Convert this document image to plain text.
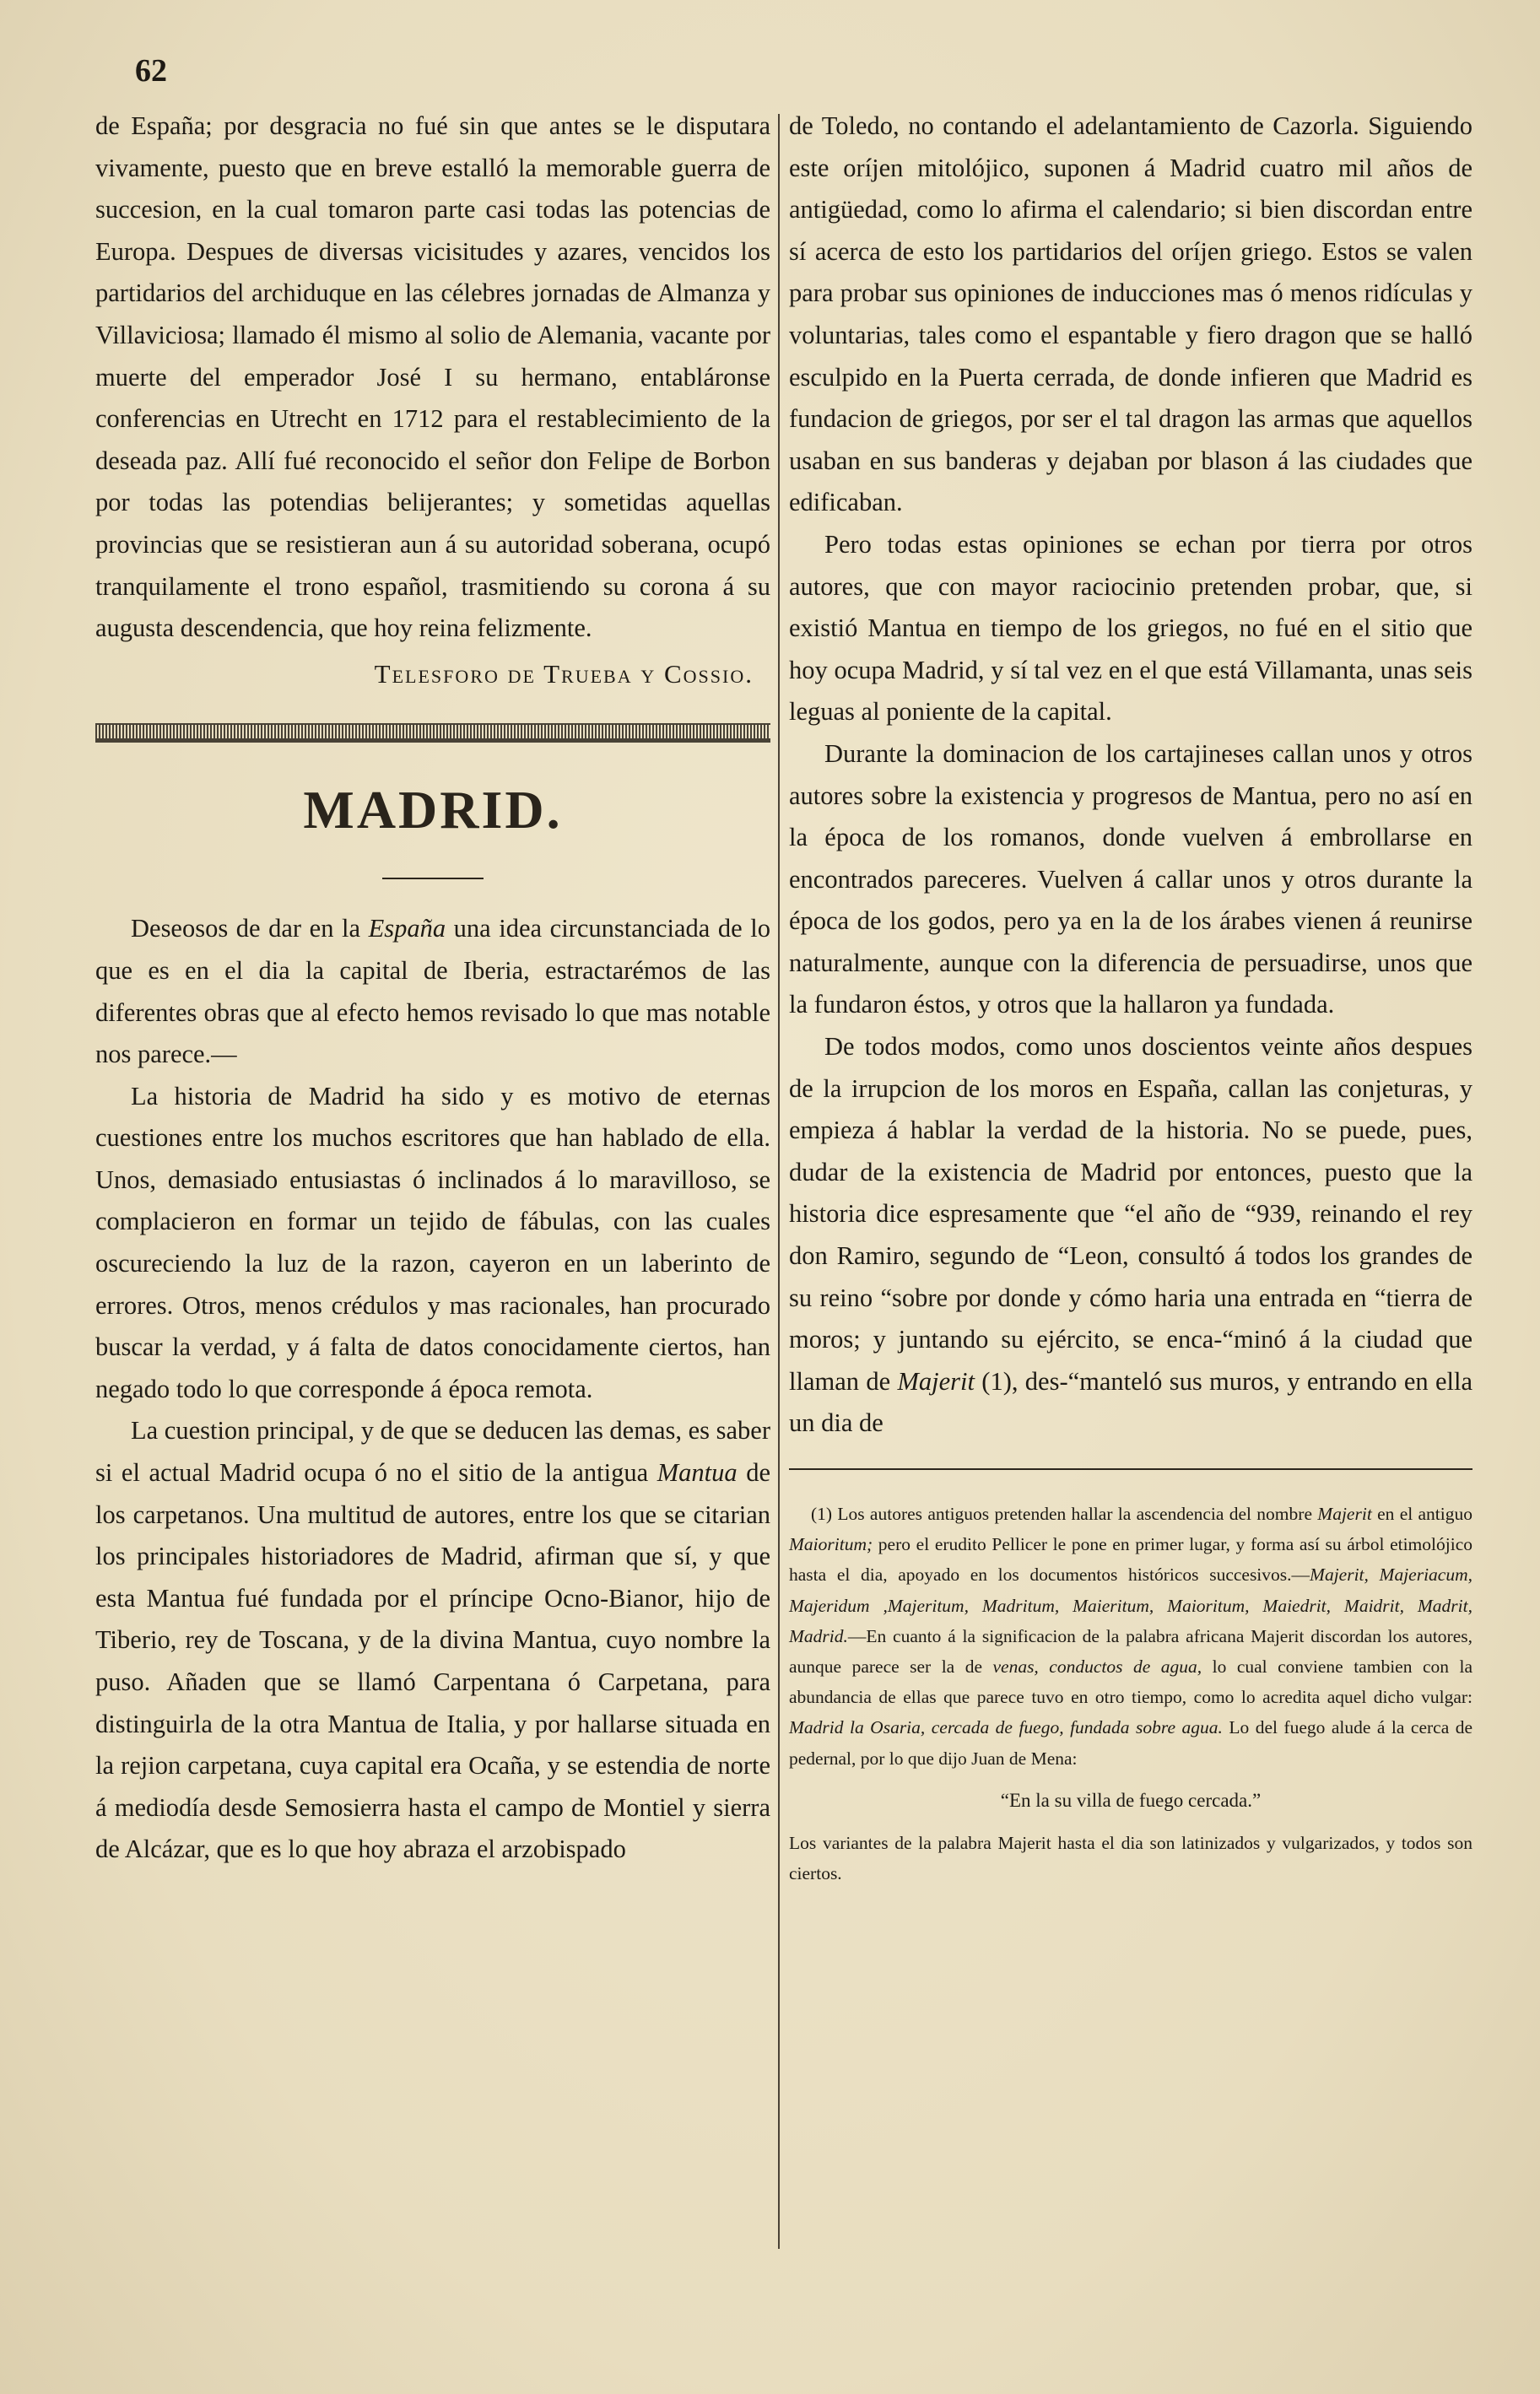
62

de España; por desgracia no fué sin que antes se le disputara vivamente, puesto que en breve estalló la memorable guerra de succesion, en la cual tomaron parte casi todas las potencias de Europa. Despues de diversas vicisitudes y azares, vencidos los partidarios del archiduque en las célebres jornadas de Almanza y Villaviciosa; llamado él mismo al solio de Alemania, vacante por muerte del emperador José I su hermano, entabláronse conferencias en Utrecht en 1712 para el restablecimiento de la deseada paz. Allí fué reconocido el señor don Felipe de Borbon por todas las potendias belijerantes; y sometidas aquellas provincias que se resistieran aun á su autoridad soberana, ocupó tranquilamente el trono español, trasmitiendo su corona á su augusta descendencia, que hoy reina felizmente.

Telesforo de Trueba y Cossio.

MADRID.

Deseosos de dar en la España una idea circunstanciada de lo que es en el dia la capital de Iberia, estractarémos de las diferentes obras que al efecto hemos revisado lo que mas notable nos parece.—

La historia de Madrid ha sido y es motivo de eternas cuestiones entre los muchos escritores que han hablado de ella. Unos, demasiado entusiastas ó inclinados á lo maravilloso, se complacieron en formar un tejido de fábulas, con las cuales oscureciendo la luz de la razon, cayeron en un laberinto de errores. Otros, menos crédulos y mas racionales, han procurado buscar la verdad, y á falta de datos conocidamente ciertos, han negado todo lo que corresponde á época remota.

La cuestion principal, y de que se deducen las demas, es saber si el actual Madrid ocupa ó no el sitio de la antigua Mantua de los carpetanos. Una multitud de autores, entre los que se citarian los principales historiadores de Madrid, afirman que sí, y que esta Mantua fué fundada por el príncipe Ocno-Bianor, hijo de Tiberio, rey de Toscana, y de la divina Mantua, cuyo nombre la puso. Añaden que se llamó Carpentana ó Carpetana, para distinguirla de la otra Mantua de Italia, y por hallarse situada en la rejion carpetana, cuya capital era Ocaña, y se estendia de norte á mediodía desde Semosierra hasta el campo de Montiel y sierra de Alcázar, que es lo que hoy abraza el arzobispado

de Toledo, no contando el adelantamiento de Cazorla. Siguiendo este oríjen mitolójico, suponen á Madrid cuatro mil años de antigüedad, como lo afirma el calendario; si bien discordan entre sí acerca de esto los partidarios del oríjen griego. Estos se valen para probar sus opiniones de inducciones mas ó menos ridículas y voluntarias, tales como el espantable y fiero dragon que se halló esculpido en la Puerta cerrada, de donde infieren que Madrid es fundacion de griegos, por ser el tal dragon las armas que aquellos usaban en sus banderas y dejaban por blason á las ciudades que edificaban.

Pero todas estas opiniones se echan por tierra por otros autores, que con mayor raciocinio pretenden probar, que, si existió Mantua en tiempo de los griegos, no fué en el sitio que hoy ocupa Madrid, y sí tal vez en el que está Villamanta, unas seis leguas al poniente de la capital.

Durante la dominacion de los cartajineses callan unos y otros autores sobre la existencia y progresos de Mantua, pero no así en la época de los romanos, donde vuelven á embrollarse en encontrados pareceres. Vuelven á callar unos y otros durante la época de los godos, pero ya en la de los árabes vienen á reunirse naturalmente, aunque con la diferencia de persuadirse, unos que la fundaron éstos, y otros que la hallaron ya fundada.

De todos modos, como unos doscientos veinte años despues de la irrupcion de los moros en España, callan las conjeturas, y empieza á hablar la verdad de la historia. No se puede, pues, dudar de la existencia de Madrid por entonces, puesto que la historia dice espresamente que “el año de “939, reinando el rey don Ramiro, segundo de “Leon, consultó á todos los grandes de su reino “sobre por donde y cómo haria una entrada en “tierra de moros; y juntando su ejército, se enca-“minó á la ciudad que llaman de Majerit (1), des-“manteló sus muros, y entrando en ella un dia de

(1) Los autores antiguos pretenden hallar la ascendencia del nombre Majerit en el antiguo Maioritum; pero el erudito Pellicer le pone en primer lugar, y forma así su árbol etimolójico hasta el dia, apoyado en los documentos históricos succesivos.—Majerit, Majeriacum, Majeridum ,Majeritum, Madritum, Maieritum, Maioritum, Maiedrit, Maidrit, Madrit, Madrid.—En cuanto á la significacion de la palabra africana Majerit discordan los autores, aunque parece ser la de venas, conductos de agua, lo cual conviene tambien con la abundancia de ellas que parece tuvo en otro tiempo, como lo acredita aquel dicho vulgar: Madrid la Osaria, cercada de fuego, fundada sobre agua. Lo del fuego alude á la cerca de pedernal, por lo que dijo Juan de Mena:

“En la su villa de fuego cercada.”

Los variantes de la palabra Majerit hasta el dia son latinizados y vulgarizados, y todos son ciertos.
